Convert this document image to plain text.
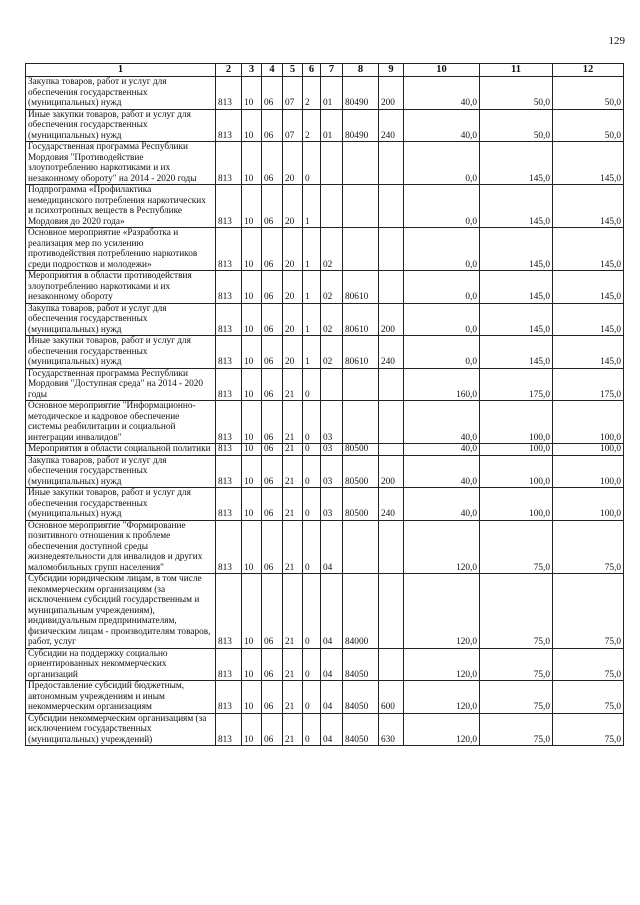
129
1	2	3	4	5	6	7	8	9	10	11	12
Закупка товаров, работ и услуг для обеспечения государственных (муниципальных) нужд	813	10	06	07	2	01	80490	200	40,0	50,0	50,0
Иные закупки товаров, работ и услуг для обеспечения государственных (муниципальных) нужд	813	10	06	07	2	01	80490	240	40,0	50,0	50,0
Государственная программа Республики Мордовия "Противодействие злоупотреблению наркотиками и их незаконному обороту" на 2014 - 2020 годы	813	10	06	20	0				0,0	145,0	145,0
Подпрограмма «Профилактика немедицинского потребления наркотических и психотропных веществ в Республике Мордовия до 2020 года»	813	10	06	20	1				0,0	145,0	145,0
Основное мероприятие «Разработка и реализация мер по усилению противодействия потреблению наркотиков среди подростков и молодежи»	813	10	06	20	1	02			0,0	145,0	145,0
Мероприятия в области противодействия злоупотреблению наркотиками и их незаконному обороту	813	10	06	20	1	02	80610		0,0	145,0	145,0
Закупка товаров, работ и услуг для обеспечения государственных (муниципальных) нужд	813	10	06	20	1	02	80610	200	0,0	145,0	145,0
Иные закупки товаров, работ и услуг для обеспечения государственных (муниципальных) нужд	813	10	06	20	1	02	80610	240	0,0	145,0	145,0
Государственная программа Республики Мордовия "Доступная среда" на 2014 - 2020 годы	813	10	06	21	0				160,0	175,0	175,0
Основное мероприятие "Информационно-методическое и кадровое обеспечение системы реабилитации и социальной интеграции инвалидов"	813	10	06	21	0	03			40,0	100,0	100,0
Мероприятия в области социальной политики	813	10	06	21	0	03	80500		40,0	100,0	100,0
Закупка товаров, работ и услуг для обеспечения государственных (муниципальных) нужд	813	10	06	21	0	03	80500	200	40,0	100,0	100,0
Иные закупки товаров, работ и услуг для обеспечения государственных (муниципальных) нужд	813	10	06	21	0	03	80500	240	40,0	100,0	100,0
Основное мероприятие "Формирование позитивного отношения к проблеме обеспечения доступной среды жизнедеятельности для инвалидов и других маломобильных групп населения"	813	10	06	21	0	04			120,0	75,0	75,0
Субсидии юридическим лицам, в том числе некоммерческим организациям (за исключением субсидий государственным и муниципальным учреждениям), индивидуальным предпринимателям, физическим лицам - производителям товаров, работ, услуг	813	10	06	21	0	04	84000		120,0	75,0	75,0
Субсидии на поддержку социально ориентированных некоммерческих организаций	813	10	06	21	0	04	84050		120,0	75,0	75,0
Предоставление субсидий бюджетным, автономным учреждениям и иным некоммерческим организациям	813	10	06	21	0	04	84050	600	120,0	75,0	75,0
Субсидии некоммерческим организациям (за исключением государственных (муниципальных) учреждений)	813	10	06	21	0	04	84050	630	120,0	75,0	75,0
